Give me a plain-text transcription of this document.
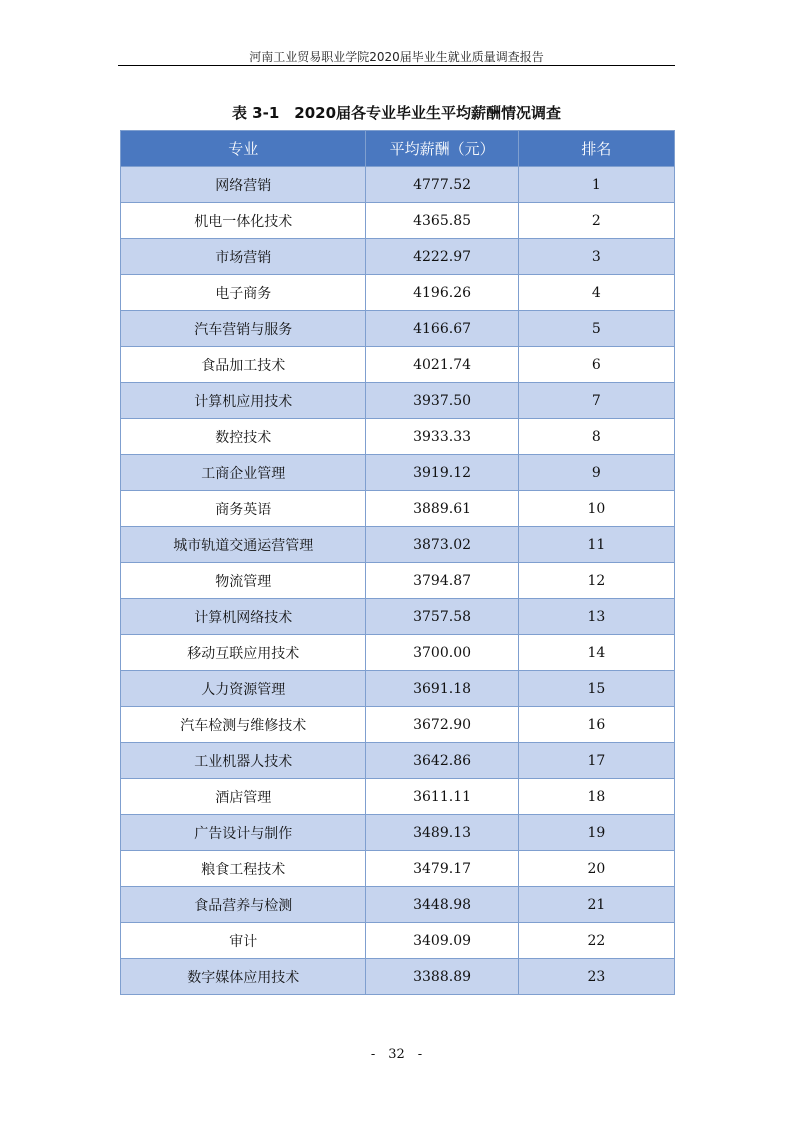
河南工业贸易职业学院2020届毕业生就业质量调查报告
表 3-1　2020届各专业毕业生平均薪酬情况调查
专业	平均薪酬（元）	排名
网络营销	4777.52	1
机电一体化技术	4365.85	2
市场营销	4222.97	3
电子商务	4196.26	4
汽车营销与服务	4166.67	5
食品加工技术	4021.74	6
计算机应用技术	3937.50	7
数控技术	3933.33	8
工商企业管理	3919.12	9
商务英语	3889.61	10
城市轨道交通运营管理	3873.02	11
物流管理	3794.87	12
计算机网络技术	3757.58	13
移动互联应用技术	3700.00	14
人力资源管理	3691.18	15
汽车检测与维修技术	3672.90	16
工业机器人技术	3642.86	17
酒店管理	3611.11	18
广告设计与制作	3489.13	19
粮食工程技术	3479.17	20
食品营养与检测	3448.98	21
审计	3409.09	22
数字媒体应用技术	3388.89	23
-　32　-
